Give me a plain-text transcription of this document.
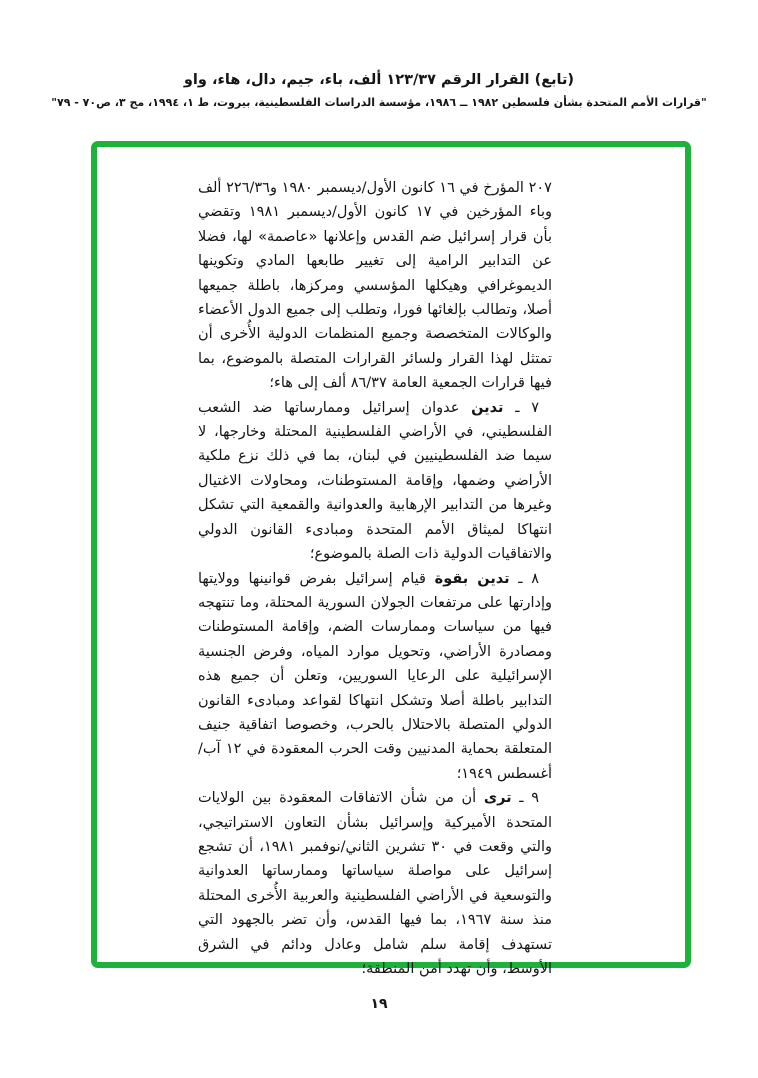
(تابع) القرار الرقم ١٢٣/٣٧ ألف، باء، جيم، دال، هاء، واو
"قرارات الأمم المتحدة بشأن فلسطين ١٩٨٢ ــ ١٩٨٦، مؤسسة الدراسات الفلسطينية، بيروت، ط ١، ١٩٩٤، مج ٣، ص٧٠ - ٧٩"

٢٠٧ المؤرخ في ١٦ كانون الأول/ديسمبر ١٩٨٠ و٢٢٦/٣٦ ألف وباء المؤرخين في ١٧ كانون الأول/ديسمبر ١٩٨١ وتقضي بأن قرار إسرائيل ضم القدس وإعلانها «عاصمة» لها، فضلا عن التدابير الرامية إلى تغيير طابعها المادي وتكوينها الديموغرافي وهيكلها المؤسسي ومركزها، باطلة جميعها أصلا، وتطالب بإلغائها فورا، وتطلب إلى جميع الدول الأعضاء والوكالات المتخصصة وجميع المنظمات الدولية الأُخرى أن تمتثل لهذا القرار ولسائر القرارات المتصلة بالموضوع، بما فيها قرارات الجمعية العامة ٨٦/٣٧ ألف إلى هاء؛

٧ ـ تدين عدوان إسرائيل وممارساتها ضد الشعب الفلسطيني، في الأراضي الفلسطينية المحتلة وخارجها، لا سيما ضد الفلسطينيين في لبنان، بما في ذلك نزع ملكية الأراضي وضمها، وإقامة المستوطنات، ومحاولات الاغتيال وغيرها من التدابير الإرهابية والعدوانية والقمعية التي تشكل انتهاكا لميثاق الأمم المتحدة ومبادىء القانون الدولي والاتفاقيات الدولية ذات الصلة بالموضوع؛

٨ ـ تدين بقوة قيام إسرائيل بفرض قوانينها وولايتها وإدارتها على مرتفعات الجولان السورية المحتلة، وما تنتهجه فيها من سياسات وممارسات الضم، وإقامة المستوطنات ومصادرة الأراضي، وتحويل موارد المياه، وفرض الجنسية الإسرائيلية على الرعايا السوريين، وتعلن أن جميع هذه التدابير باطلة أصلا وتشكل انتهاكا لقواعد ومبادىء القانون الدولي المتصلة بالاحتلال بالحرب، وخصوصا اتفاقية جنيف المتعلقة بحماية المدنيين وقت الحرب المعقودة في ١٢ آب/أغسطس ١٩٤٩؛

٩ ـ ترى أن من شأن الاتفاقات المعقودة بين الولايات المتحدة الأميركية وإسرائيل بشأن التعاون الاستراتيجي، والتي وقعت في ٣٠ تشرين الثاني/نوفمبر ١٩٨١، أن تشجع إسرائيل على مواصلة سياساتها وممارساتها العدوانية والتوسعية في الأراضي الفلسطينية والعربية الأُخرى المحتلة منذ سنة ١٩٦٧، بما فيها القدس، وأن تضر بالجهود التي تستهدف إقامة سلم شامل وعادل ودائم في الشرق الأوسط، وأن تهدد أمن المنطقة؛

١٩
